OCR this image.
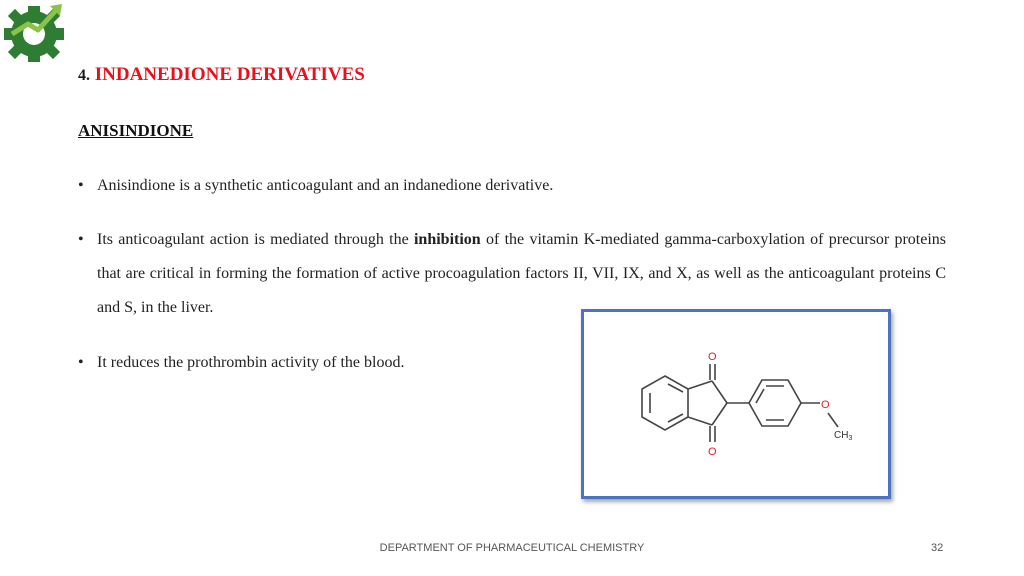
4. INDANEDIONE DERIVATIVES
ANISINDIONE
• Anisindione is a synthetic anticoagulant and an indanedione derivative.
• Its anticoagulant action is mediated through the inhibition of the vitamin K-mediated gamma-carboxylation of precursor proteins that are critical in forming the formation of active procoagulation factors II, VII, IX, and X, as well as the anticoagulant proteins C and S, in the liver.
• It reduces the prothrombin activity of the blood.	O
O
O
$CH_3$
DEPARTMENT OF PHARMACEUTICAL CHEMISTRY	32
